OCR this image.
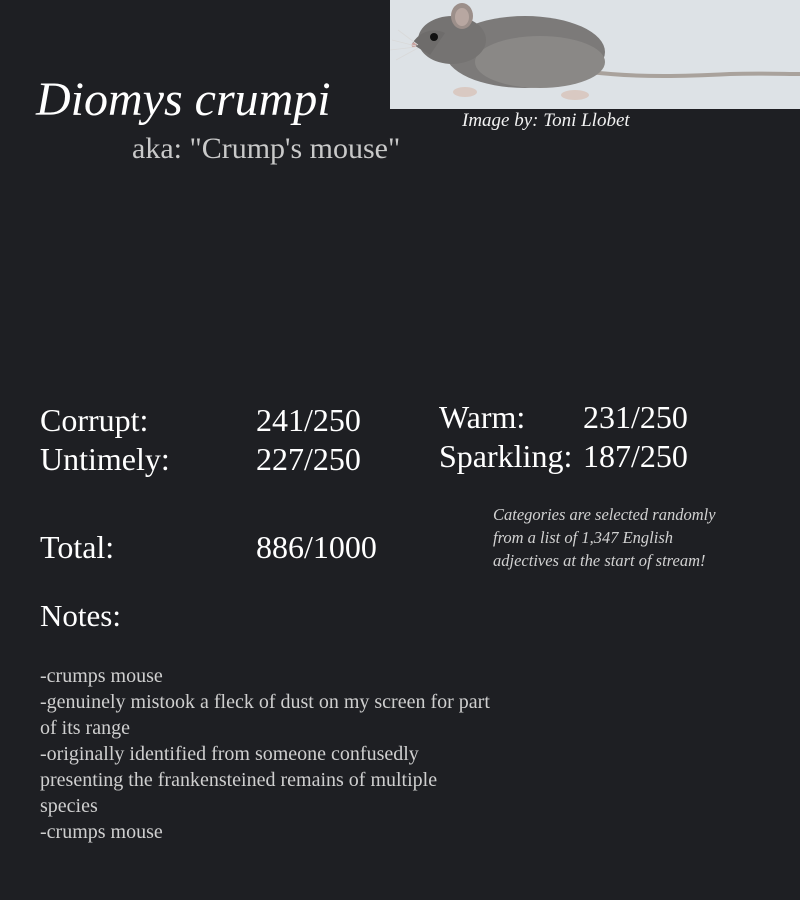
Image by: Toni Llobet
Diomys crumpi
aka: "Crump's mouse"
Corrupt:	241/250
Untimely:	227/250
Warm: 231/250
Sparkling: 187/250
Total:	886/1000
Categories are selected randomly from a list of 1,347 English adjectives at the start of stream!
Notes:
-crumps mouse
-genuinely mistook a fleck of dust on my screen for part of its range
-originally identified from someone confusedly presenting the frankensteined remains of multiple species
-crumps mouse
